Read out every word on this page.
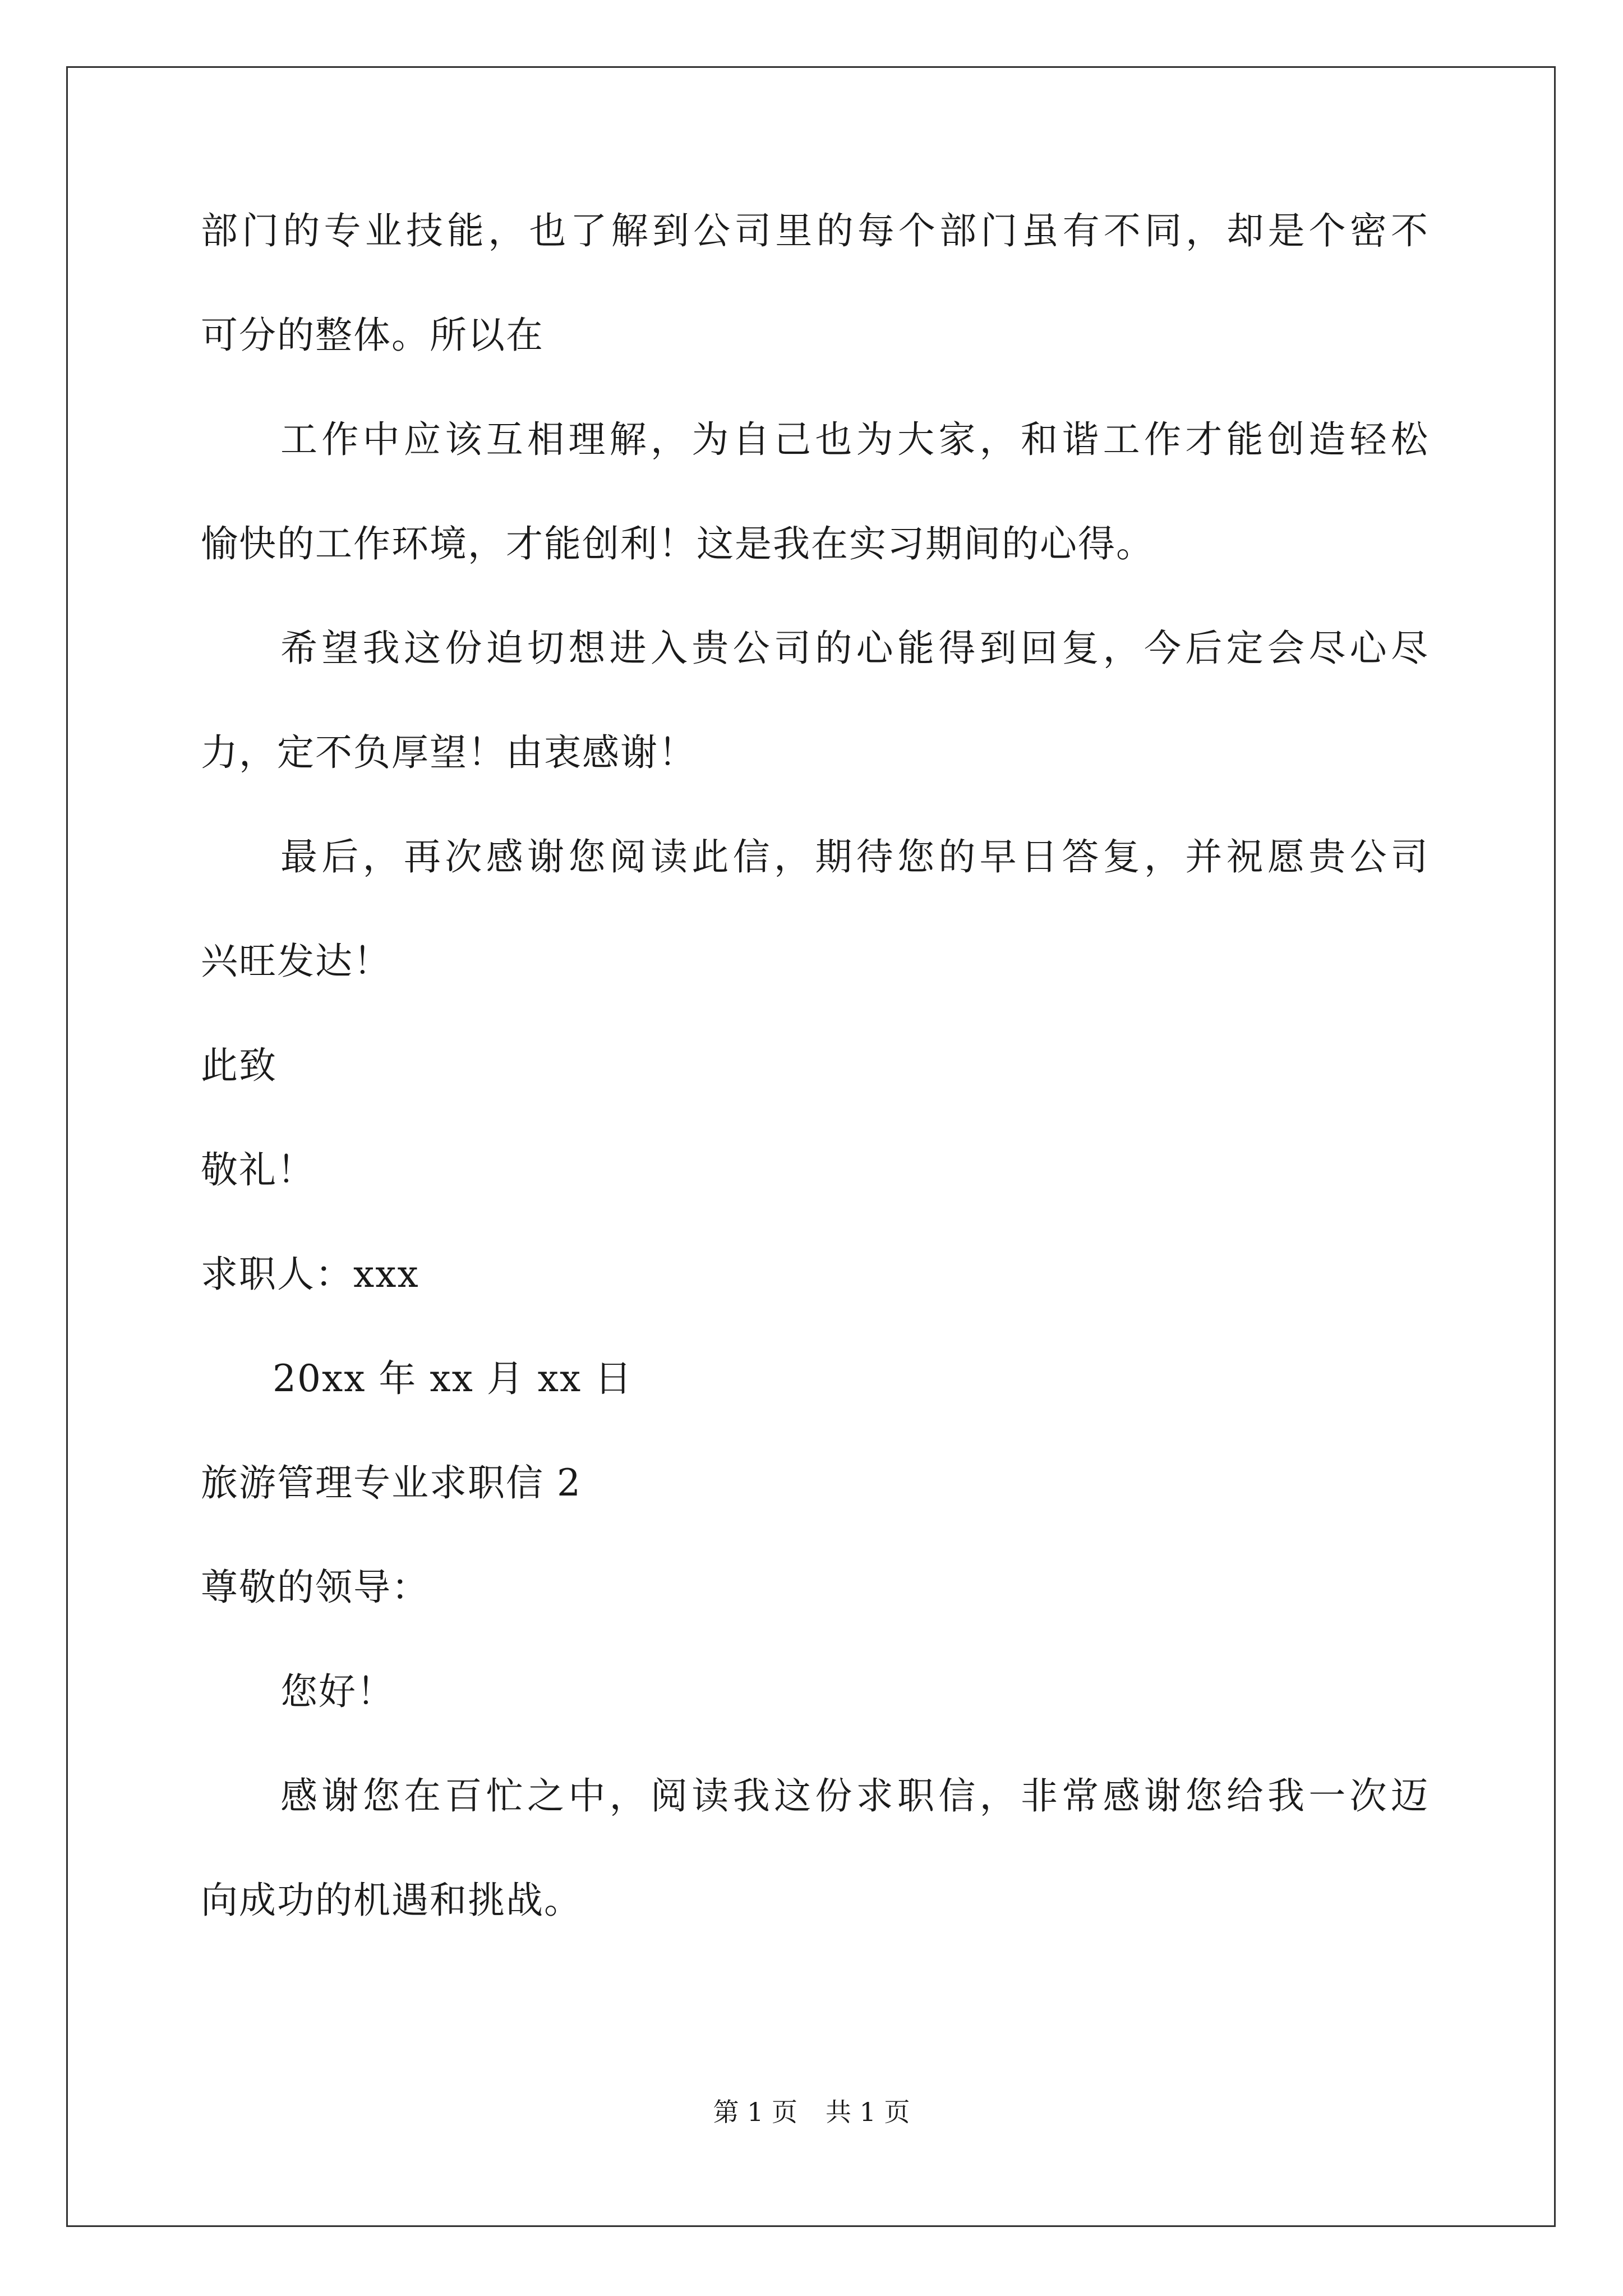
部门的专业技能，也了解到公司里的每个部门虽有不同，却是个密不
可分的整体。所以在
工作中应该互相理解，为自己也为大家，和谐工作才能创造轻松
愉快的工作环境，才能创利！这是我在实习期间的心得。
希望我这份迫切想进入贵公司的心能得到回复，今后定会尽心尽
力，定不负厚望！由衷感谢！
最后，再次感谢您阅读此信，期待您的早日答复，并祝愿贵公司
兴旺发达！
此致
敬礼！
求职人：xxx
20xx 年 xx 月 xx 日
旅游管理专业求职信 2
尊敬的领导：
您好！
感谢您在百忙之中，阅读我这份求职信，非常感谢您给我一次迈
向成功的机遇和挑战。
第 1 页 共 1 页
